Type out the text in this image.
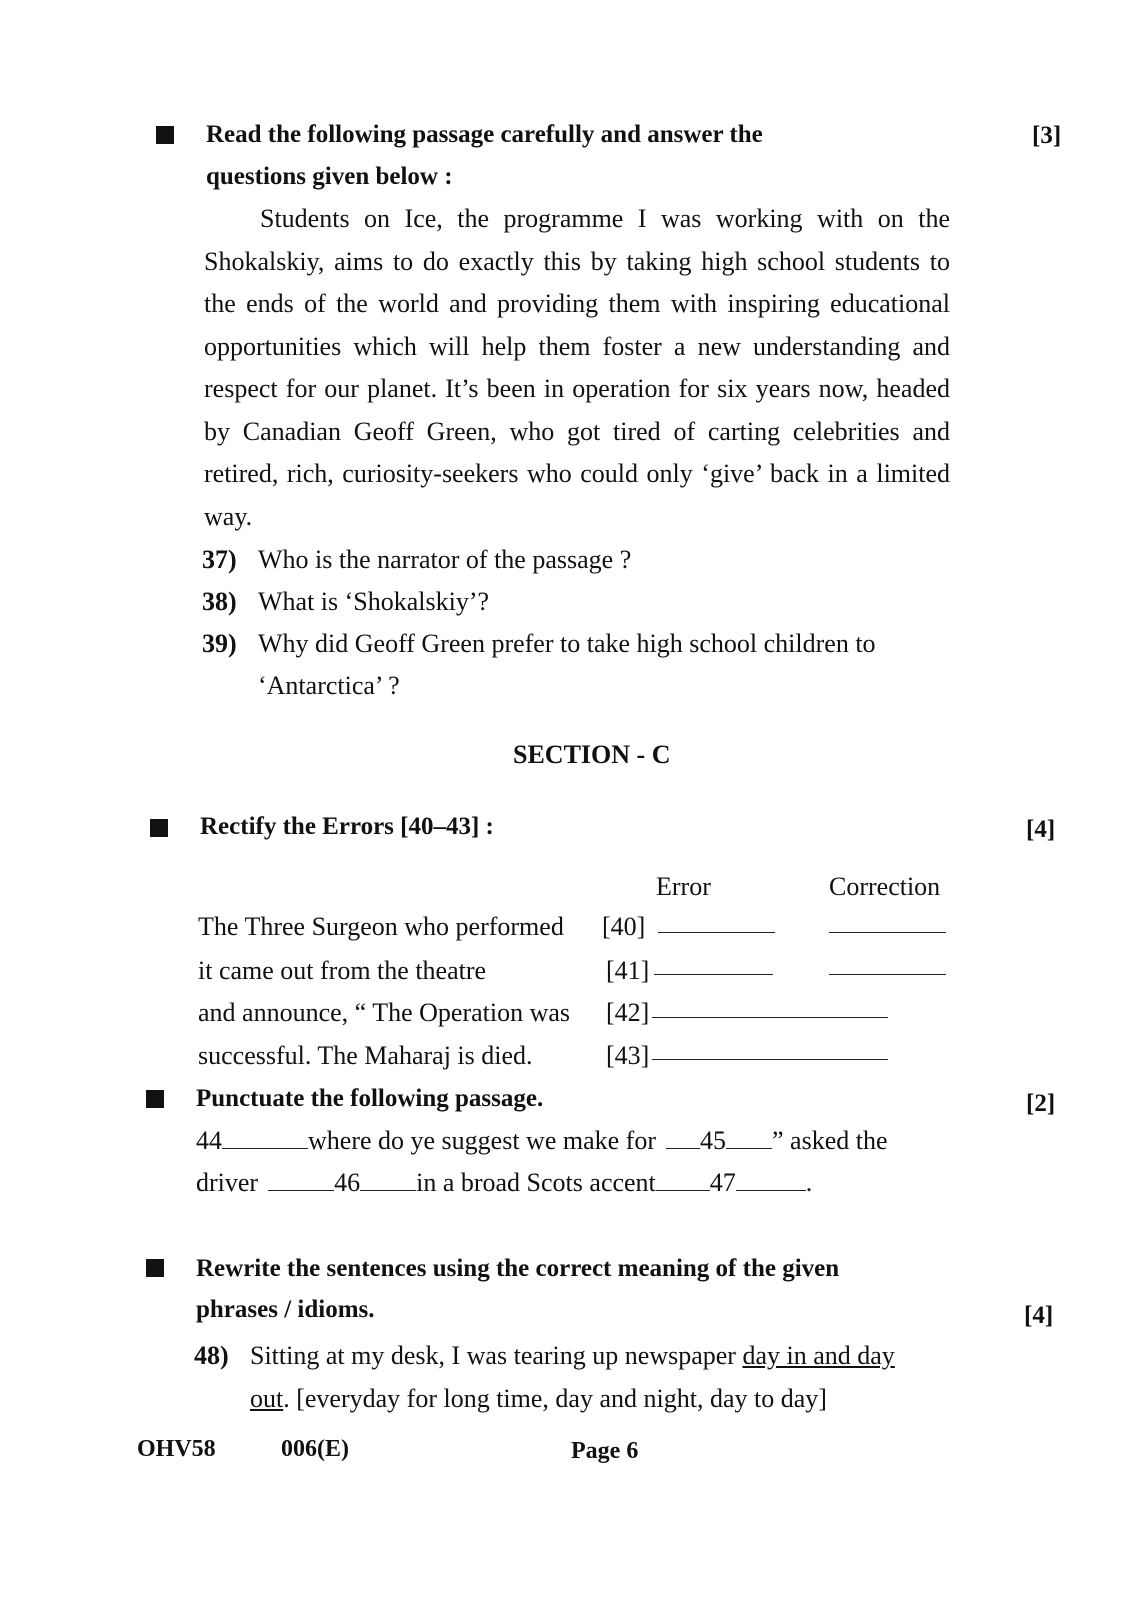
Read the following passage carefully and answer the
questions given below :
[3]
Students on Ice, the programme I was working with on the Shokalskiy, aims to do exactly this by taking high school students to the ends of the world and providing them with inspiring educational opportunities which will help them foster a new understanding and respect for our planet. It’s been in operation for six years now, headed by Canadian Geoff Green, who got tired of carting celebrities and retired, rich, curiosity-seekers who could only ‘give’ back in a limited way.
37) Who is the narrator of the passage ?
38) What is ‘Shokalskiy’?
39) Why did Geoff Green prefer to take high school children to
‘Antarctica’ ?
SECTION - C
Rectify the Errors [40–43] :	[4]
Error	Correction
The Three Surgeon who performed [40]
it came out from the theatre	[41]
and announce, “ The Operation was [42]
successful. The Maharaj is died.	[43]
Punctuate the following passage.	[2]
44	where do ye suggest we make for 45 ” asked the
driver	46 in a broad Scots accent 47	.
Rewrite the sentences using the correct meaning of the given
phrases / idioms.	[4]
48) Sitting at my desk, I was tearing up newspaper day in and day
out. [everyday for long time, day and night, day to day]
OHV58	006(E)	Page 6
